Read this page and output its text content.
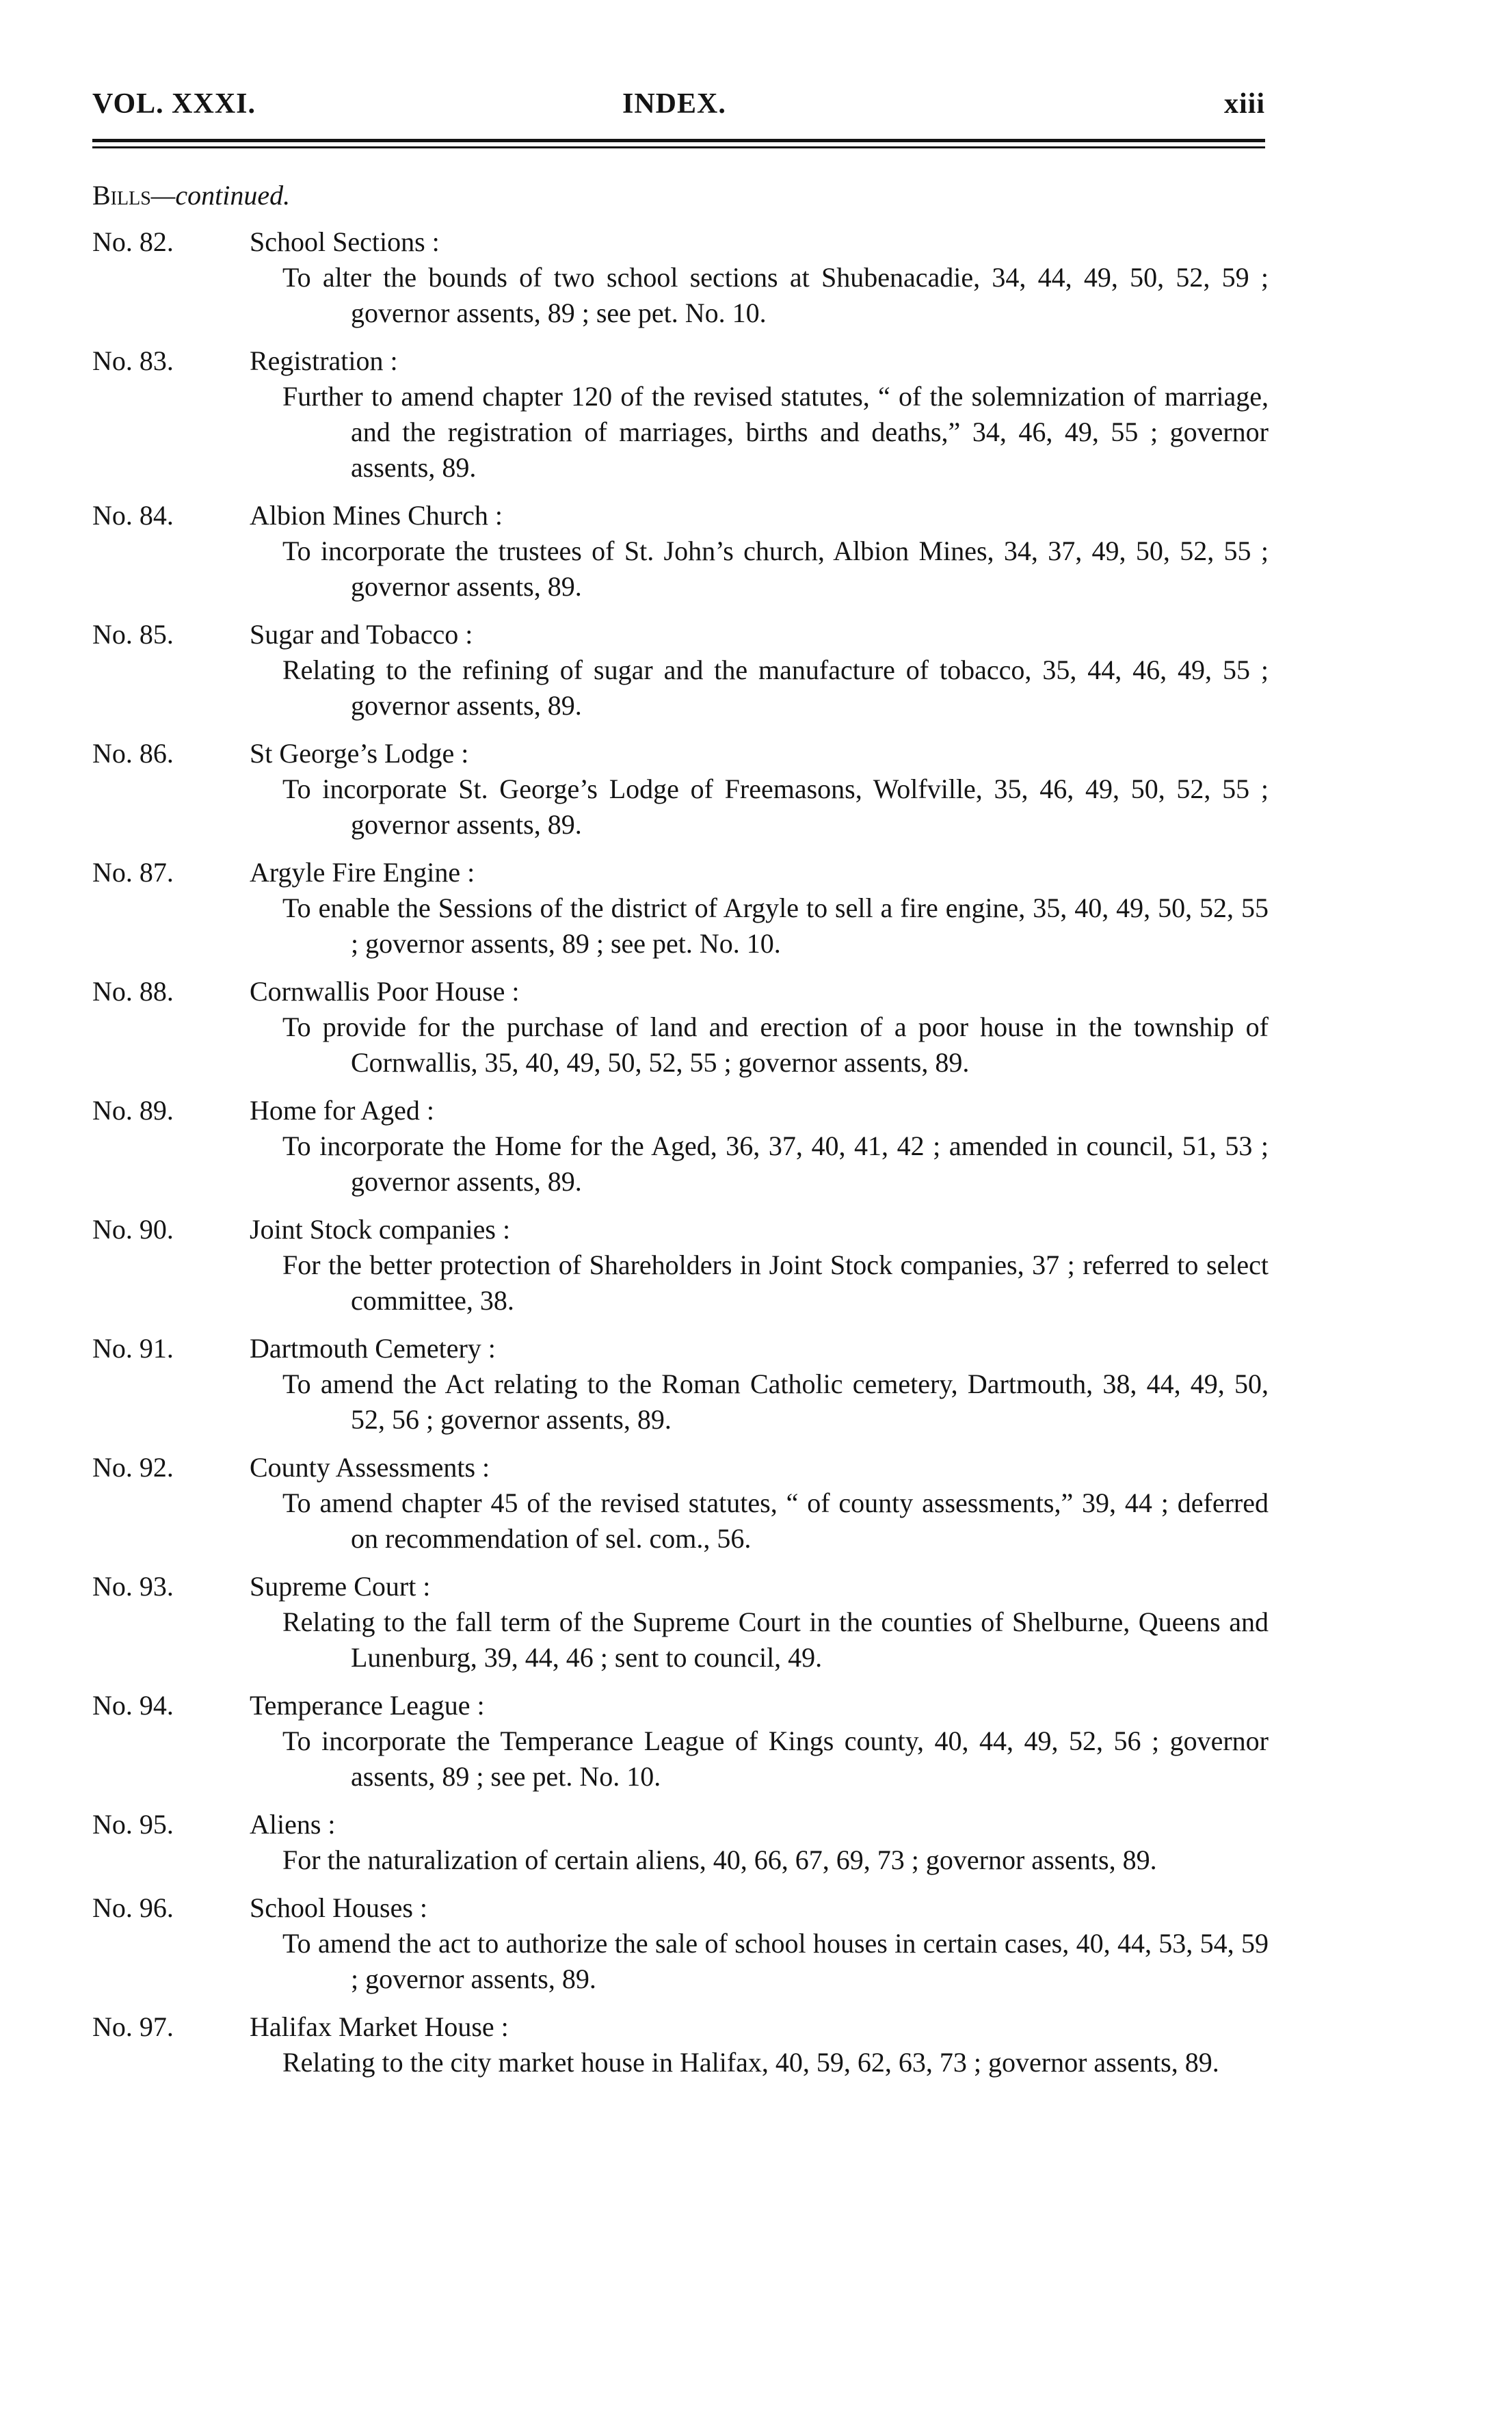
VOL. XXXI.	INDEX.	xiii
Bills—continued.
No. 82.	School Sections :
To alter the bounds of two school sections at Shubenacadie, 34, 44, 49, 50, 52, 59 ; governor assents, 89 ; see pet. No. 10.
No. 83.	Registration :
Further to amend chapter 120 of the revised statutes, “ of the solemnization of marriage, and the registration of marriages, births and deaths,” 34, 46, 49, 55 ; governor assents, 89.
No. 84.	Albion Mines Church :
To incorporate the trustees of St. John’s church, Albion Mines, 34, 37, 49, 50, 52, 55 ; governor assents, 89.
No. 85.	Sugar and Tobacco :
Relating to the refining of sugar and the manufacture of tobacco, 35, 44, 46, 49, 55 ; governor assents, 89.
No. 86.	St George’s Lodge :
To incorporate St. George’s Lodge of Freemasons, Wolfville, 35, 46, 49, 50, 52, 55 ; governor assents, 89.
No. 87.	Argyle Fire Engine :
To enable the Sessions of the district of Argyle to sell a fire engine, 35, 40, 49, 50, 52, 55 ; governor assents, 89 ; see pet. No. 10.
No. 88.	Cornwallis Poor House :
To provide for the purchase of land and erection of a poor house in the township of Cornwallis, 35, 40, 49, 50, 52, 55 ; governor assents, 89.
No. 89.	Home for Aged :
To incorporate the Home for the Aged, 36, 37, 40, 41, 42 ; amended in council, 51, 53 ; governor assents, 89.
No. 90.	Joint Stock companies :
For the better protection of Shareholders in Joint Stock companies, 37 ; referred to select committee, 38.
No. 91.	Dartmouth Cemetery :
To amend the Act relating to the Roman Catholic cemetery, Dartmouth, 38, 44, 49, 50, 52, 56 ; governor assents, 89.
No. 92.	County Assessments :
To amend chapter 45 of the revised statutes, “ of county assessments,” 39, 44 ; deferred on recommendation of sel. com., 56.
No. 93.	Supreme Court :
Relating to the fall term of the Supreme Court in the counties of Shelburne, Queens and Lunenburg, 39, 44, 46 ; sent to council, 49.
No. 94.	Temperance League :
To incorporate the Temperance League of Kings county, 40, 44, 49, 52, 56 ; governor assents, 89 ; see pet. No. 10.
No. 95.	Aliens :
For the naturalization of certain aliens, 40, 66, 67, 69, 73 ; governor assents, 89.
No. 96.	School Houses :
To amend the act to authorize the sale of school houses in certain cases, 40, 44, 53, 54, 59 ; governor assents, 89.
No. 97.	Halifax Market House :
Relating to the city market house in Halifax, 40, 59, 62, 63, 73 ; governor assents, 89.
